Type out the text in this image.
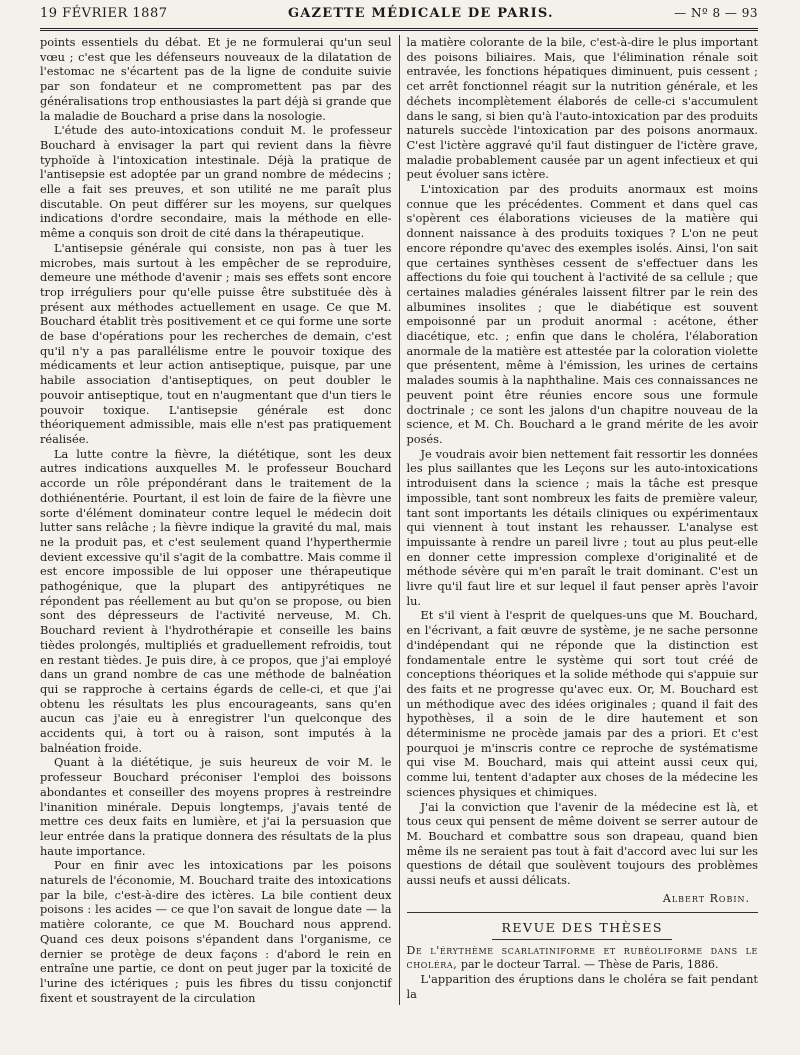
19 FÉVRIER 1887	GAZETTE MÉDICALE DE PARIS.	— Nº 8 — 93

points essentiels du débat. Et je ne formulerai qu'un seul vœu ; c'est que les défenseurs nouveaux de la dilatation de l'estomac ne s'écartent pas de la ligne de conduite suivie par son fondateur et ne compromettent pas par des généralisations trop enthousiastes la part déjà si grande que la maladie de Bouchard a prise dans la nosologie.

L'étude des auto-intoxications conduit M. le professeur Bouchard à envisager la part qui revient dans la fièvre typhoïde à l'intoxication intestinale. Déjà la pratique de l'antisepsie est adoptée par un grand nombre de médecins ; elle a fait ses preuves, et son utilité ne me paraît plus discutable. On peut différer sur les moyens, sur quelques indications d'ordre secondaire, mais la méthode en elle-même a conquis son droit de cité dans la thérapeutique.

L'antisepsie générale qui consiste, non pas à tuer les microbes, mais surtout à les empêcher de se reproduire, demeure une méthode d'avenir ; mais ses effets sont encore trop irréguliers pour qu'elle puisse être substituée dès à présent aux méthodes actuellement en usage. Ce que M. Bouchard établit très positivement et ce qui forme une sorte de base d'opérations pour les recherches de demain, c'est qu'il n'y a pas parallélisme entre le pouvoir toxique des médicaments et leur action antiseptique, puisque, par une habile association d'antiseptiques, on peut doubler le pouvoir antiseptique, tout en n'augmentant que d'un tiers le pouvoir toxique. L'antisepsie générale est donc théoriquement admissible, mais elle n'est pas pratiquement réalisée.

La lutte contre la fièvre, la diététique, sont les deux autres indications auxquelles M. le professeur Bouchard accorde un rôle prépondérant dans le traitement de la dothiénentérie. Pourtant, il est loin de faire de la fièvre une sorte d'élément dominateur contre lequel le médecin doit lutter sans relâche ; la fièvre indique la gravité du mal, mais ne la produit pas, et c'est seulement quand l'hyperthermie devient excessive qu'il s'agit de la combattre. Mais comme il est encore impossible de lui opposer une thérapeutique pathogénique, que la plupart des antipyrétiques ne répondent pas réellement au but qu'on se propose, ou bien sont des dépresseurs de l'activité nerveuse, M. Ch. Bouchard revient à l'hydrothérapie et conseille les bains tièdes prolongés, multipliés et graduellement refroidis, tout en restant tièdes. Je puis dire, à ce propos, que j'ai employé dans un grand nombre de cas une méthode de balnéation qui se rapproche à certains égards de celle-ci, et que j'ai obtenu les résultats les plus encourageants, sans qu'en aucun cas j'aie eu à enregistrer l'un quelconque des accidents qui, à tort ou à raison, sont imputés à la balnéation froide.

Quant à la diététique, je suis heureux de voir M. le professeur Bouchard préconiser l'emploi des boissons abondantes et conseiller des moyens propres à restreindre l'inanition minérale. Depuis longtemps, j'avais tenté de mettre ces deux faits en lumière, et j'ai la persuasion que leur entrée dans la pratique donnera des résultats de la plus haute importance.

Pour en finir avec les intoxications par les poisons naturels de l'économie, M. Bouchard traite des intoxications par la bile, c'est-à-dire des ictères. La bile contient deux poisons : les acides — ce que l'on savait de longue date — la matière colorante, ce que M. Bouchard nous apprend. Quand ces deux poisons s'épandent dans l'organisme, ce dernier se protège de deux façons : d'abord le rein en entraîne une partie, ce dont on peut juger par la toxicité de l'urine des ictériques ; puis les fibres du tissu conjonctif fixent et soustrayent de la circulation

la matière colorante de la bile, c'est-à-dire le plus important des poisons biliaires. Mais, que l'élimination rénale soit entravée, les fonctions hépatiques diminuent, puis cessent ; cet arrêt fonctionnel réagit sur la nutrition générale, et les déchets incomplètement élaborés de celle-ci s'accumulent dans le sang, si bien qu'à l'auto-intoxication par des produits naturels succède l'intoxication par des poisons anormaux. C'est l'ictère aggravé qu'il faut distinguer de l'ictère grave, maladie probablement causée par un agent infectieux et qui peut évoluer sans ictère.

L'intoxication par des produits anormaux est moins connue que les précédentes. Comment et dans quel cas s'opèrent ces élaborations vicieuses de la matière qui donnent naissance à des produits toxiques ? L'on ne peut encore répondre qu'avec des exemples isolés. Ainsi, l'on sait que certaines synthèses cessent de s'effectuer dans les affections du foie qui touchent à l'activité de sa cellule ; que certaines maladies générales laissent filtrer par le rein des albumines insolites ; que le diabétique est souvent empoisonné par un produit anormal : acétone, éther diacétique, etc. ; enfin que dans le choléra, l'élaboration anormale de la matière est attestée par la coloration violette que présentent, même à l'émission, les urines de certains malades soumis à la naphthaline. Mais ces connaissances ne peuvent point être réunies encore sous une formule doctrinale ; ce sont les jalons d'un chapitre nouveau de la science, et M. Ch. Bouchard a le grand mérite de les avoir posés.

Je voudrais avoir bien nettement fait ressortir les données les plus saillantes que les Leçons sur les auto-intoxications introduisent dans la science ; mais la tâche est presque impossible, tant sont nombreux les faits de première valeur, tant sont importants les détails cliniques ou expérimentaux qui viennent à tout instant les rehausser. L'analyse est impuissante à rendre un pareil livre ; tout au plus peut-elle en donner cette impression complexe d'originalité et de méthode sévère qui m'en paraît le trait dominant. C'est un livre qu'il faut lire et sur lequel il faut penser après l'avoir lu.

Et s'il vient à l'esprit de quelques-uns que M. Bouchard, en l'écrivant, a fait œuvre de système, je ne sache personne d'indépendant qui ne réponde que la distinction est fondamentale entre le système qui sort tout créé de conceptions théoriques et la solide méthode qui s'appuie sur des faits et ne progresse qu'avec eux. Or, M. Bouchard est un méthodique avec des idées originales ; quand il fait des hypothèses, il a soin de le dire hautement et son déterminisme ne procède jamais par des a priori. Et c'est pourquoi je m'inscris contre ce reproche de systématisme qui vise M. Bouchard, mais qui atteint aussi ceux qui, comme lui, tentent d'adapter aux choses de la médecine les sciences physiques et chimiques.

J'ai la conviction que l'avenir de la médecine est là, et tous ceux qui pensent de même doivent se serrer autour de M. Bouchard et combattre sous son drapeau, quand bien même ils ne seraient pas tout à fait d'accord avec lui sur les questions de détail que soulèvent toujours des problèmes aussi neufs et aussi délicats.

Albert Robin.
REVUE DES THÈSES

De l'érythème scarlatiniforme et rubéoliforme dans le choléra, par le docteur Tarral. — Thèse de Paris, 1886.

L'apparition des éruptions dans le choléra se fait pendant la
